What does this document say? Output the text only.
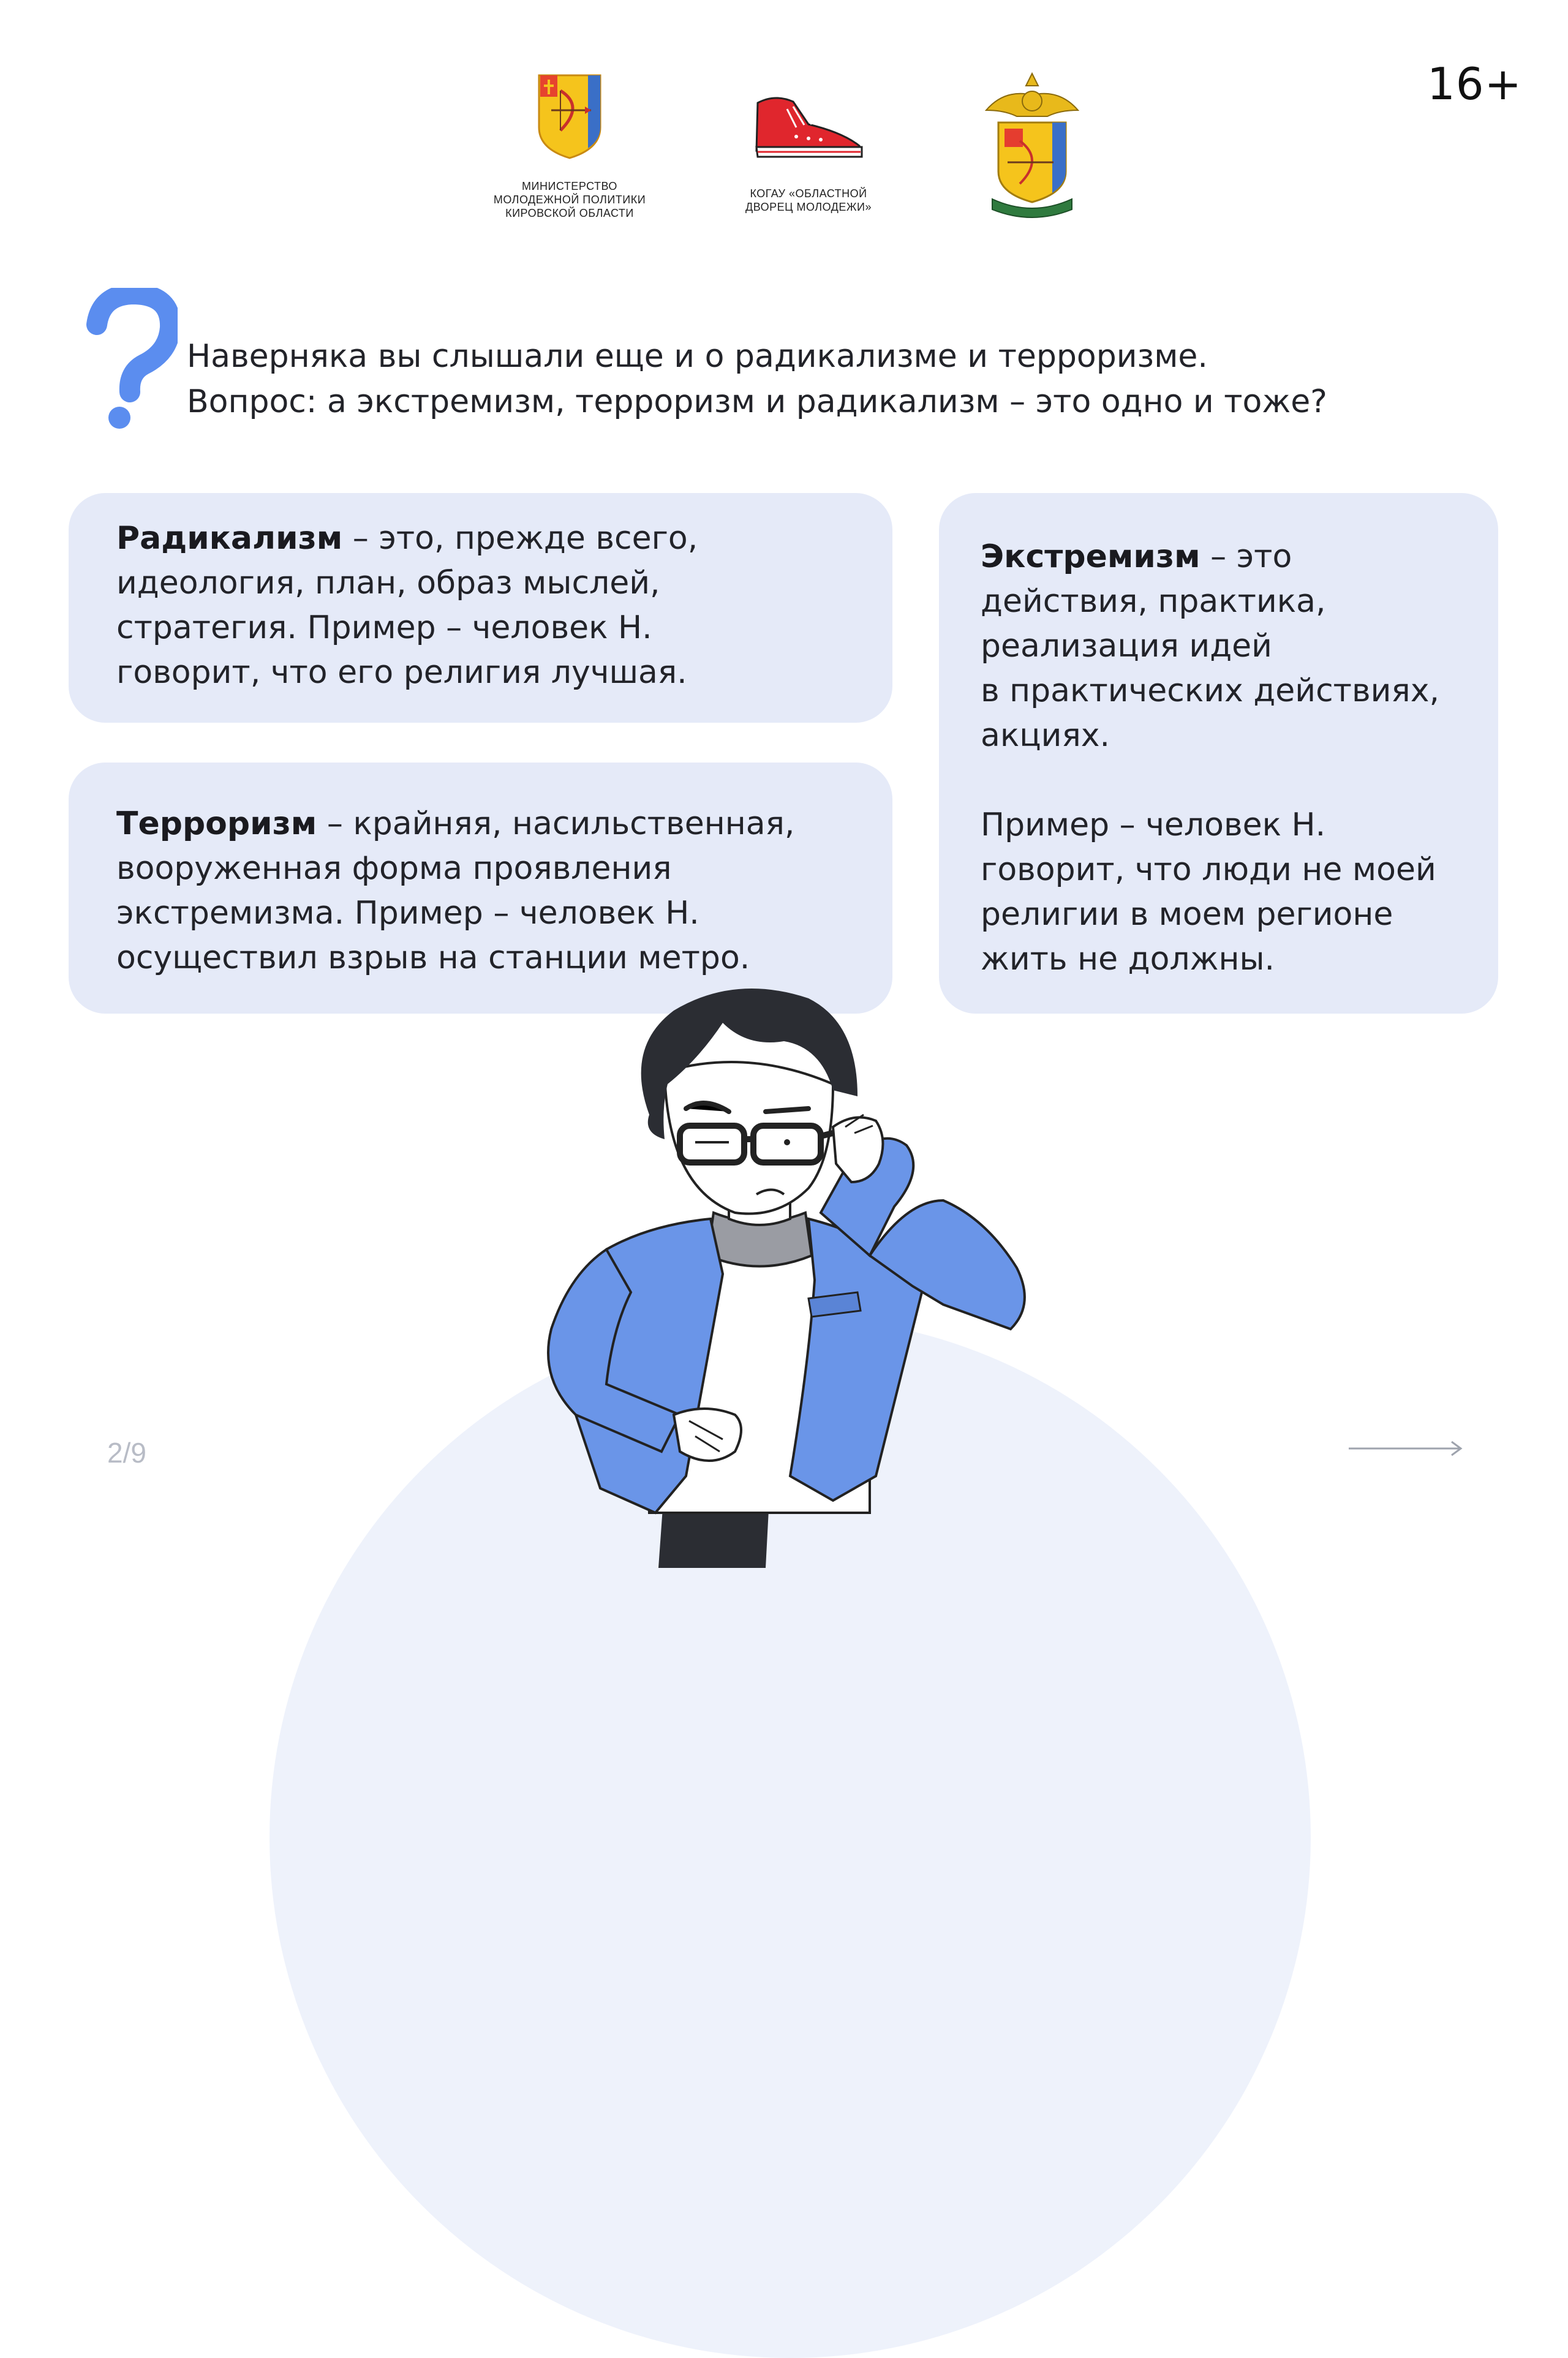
МИНИСТЕРСТВО
МОЛОДЕЖНОЙ ПОЛИТИКИ
КИРОВСКОЙ ОБЛАСТИ
КОГАУ «ОБЛАСТНОЙ
ДВОРЕЦ МОЛОДЕЖИ»
16+
Наверняка вы слышали еще и о радикализме и терроризме.
Вопрос: а экстремизм, терроризм и радикализм – это одно и тоже?
Радикализм – это, прежде всего,
идеология, план, образ мыслей,
стратегия. Пример – человек Н.
говорит, что его религия лучшая.
Терроризм – крайняя, насильственная,
вооруженная форма проявления
экстремизма. Пример – человек Н.
осуществил взрыв на станции метро.
Экстремизм – это
действия, практика,
реализация идей
в практических действиях,
акциях.
Пример – человек Н.
говорит, что люди не моей
религии в моем регионе
жить не должны.
2/9
